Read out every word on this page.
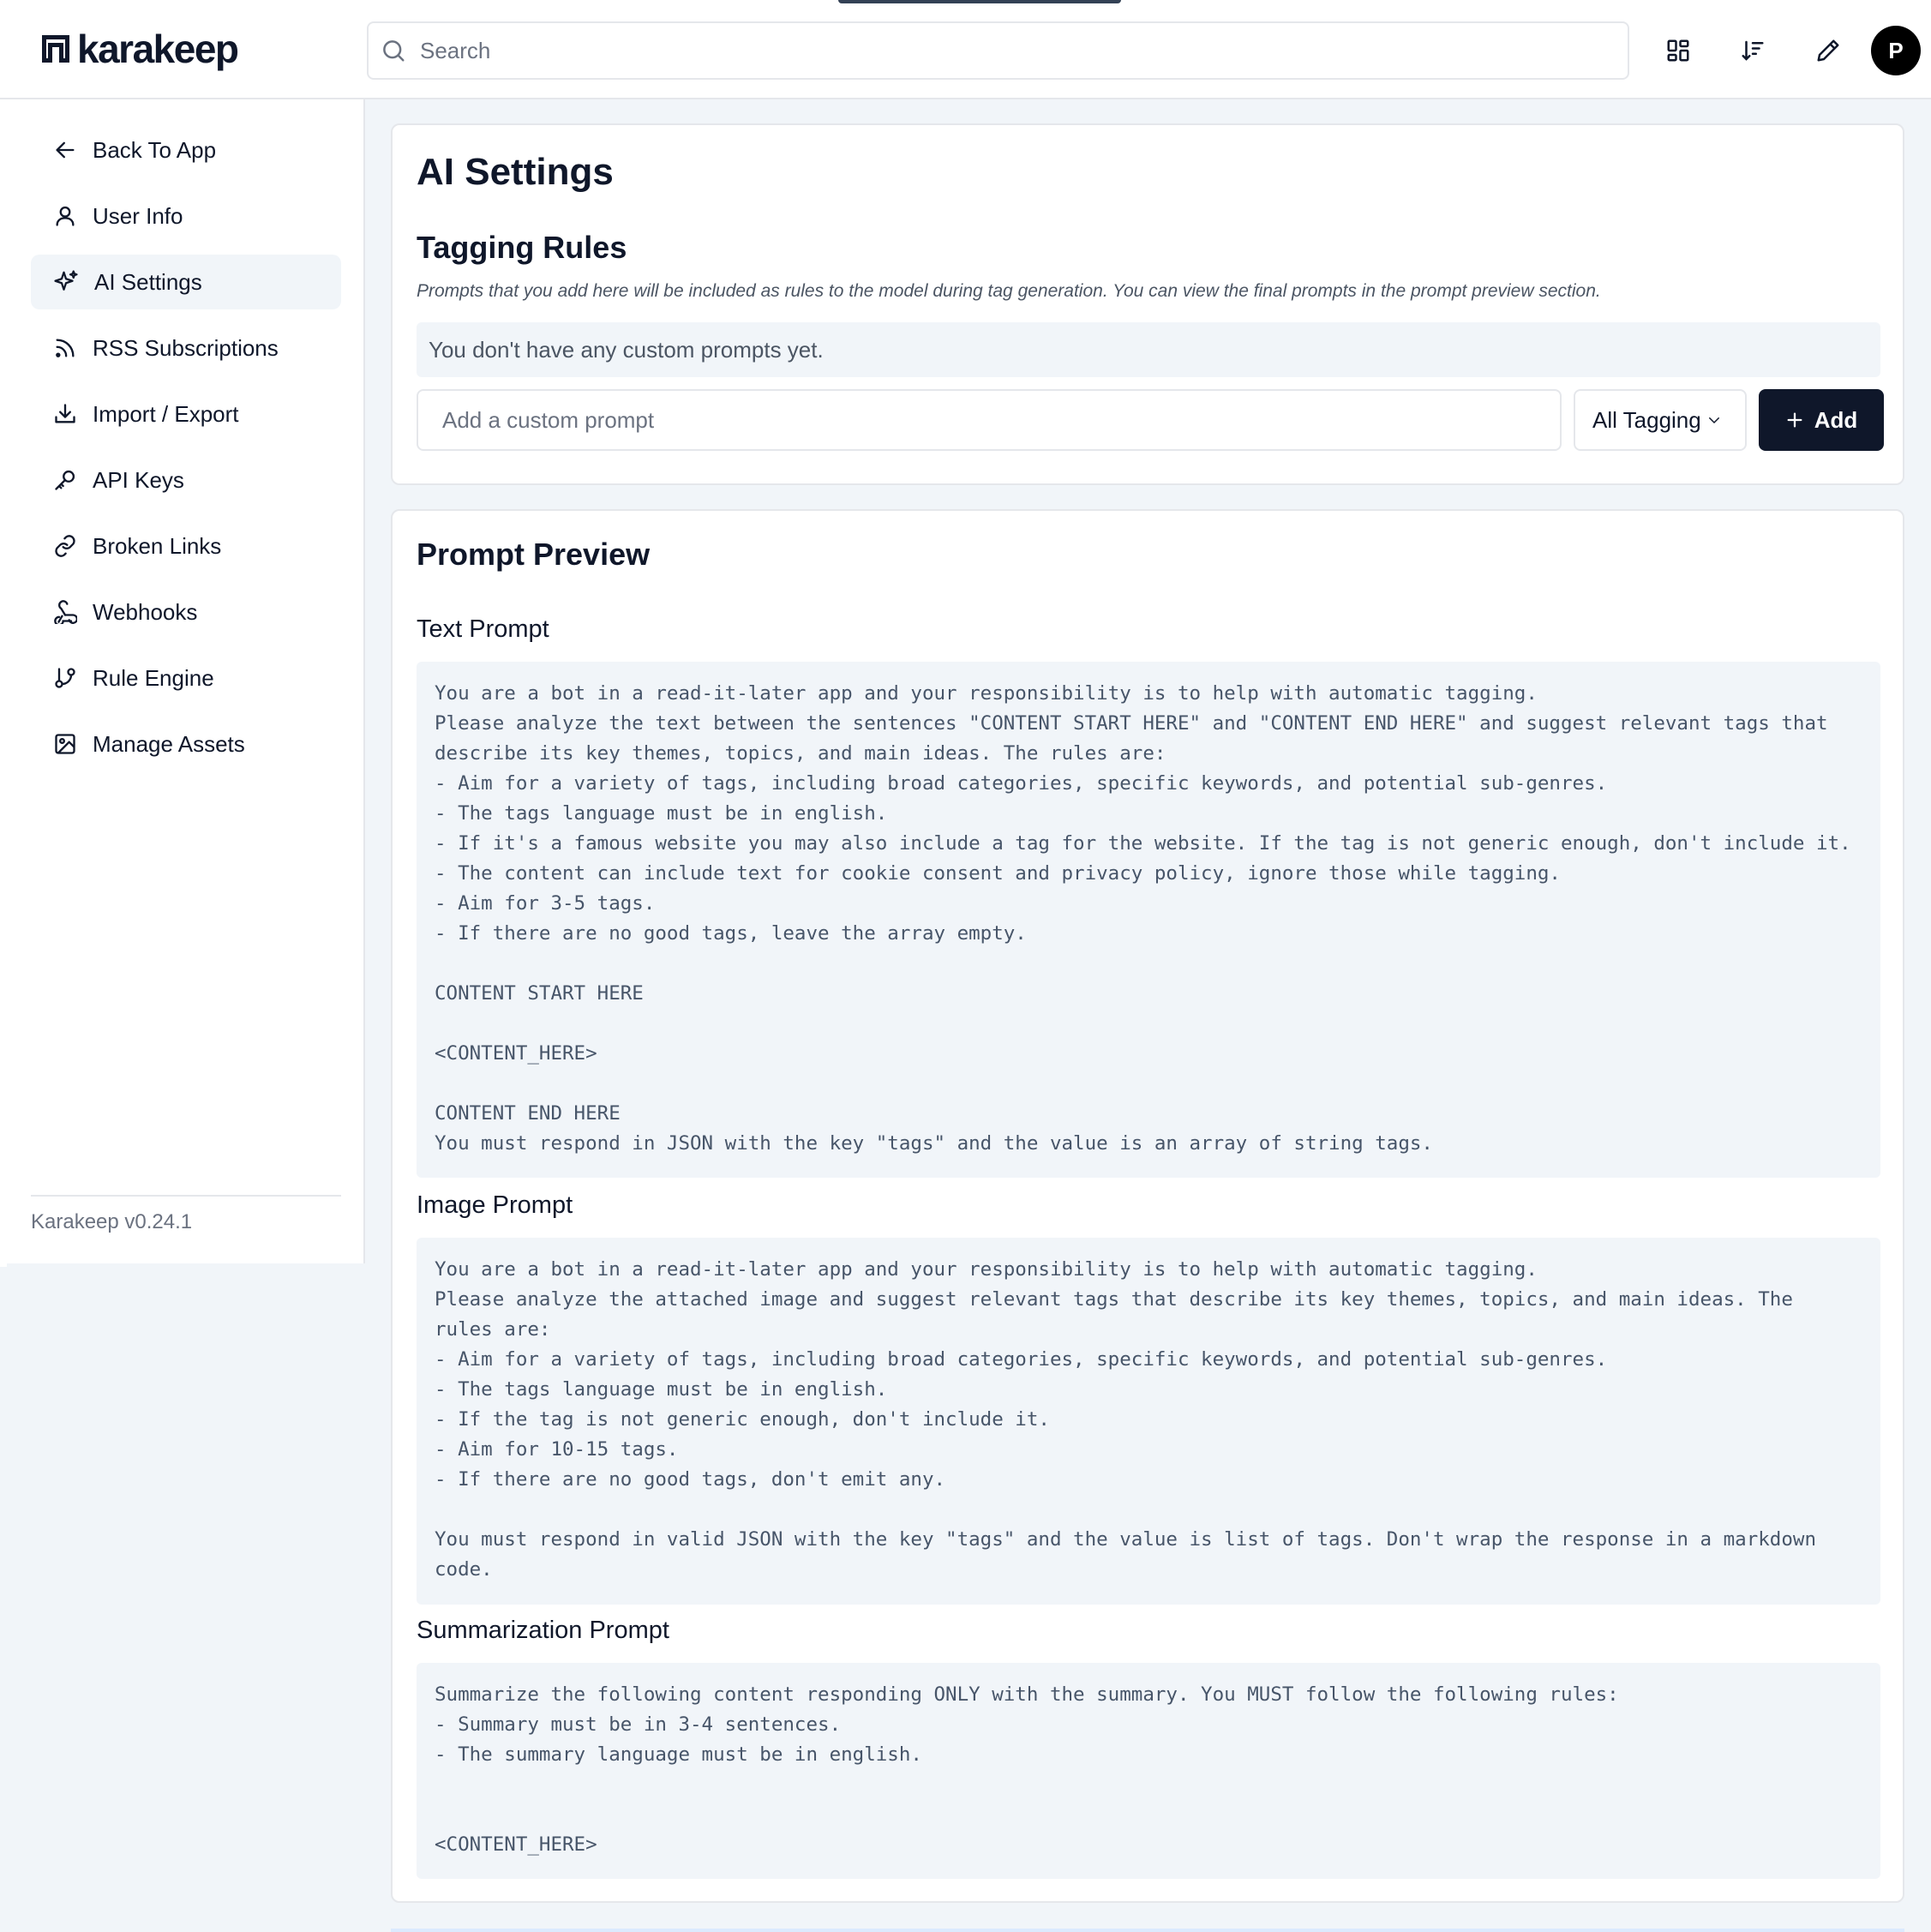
karakeep
Search	P
Back To App
User Info
AI Settings
RSS Subscriptions
Import / Export
API Keys
Broken Links
Webhooks
Rule Engine
Manage Assets
Karakeep v0.24.1
AI Settings
Tagging Rules
Prompts that you add here will be included as rules to the model during tag generation. You can view the final prompts in the prompt preview section.
You don't have any custom prompts yet.
Add a custom prompt
All Tagging	Add
Prompt Preview
Text Prompt
You are a bot in a read-it-later app and your responsibility is to help with automatic tagging.
Please analyze the text between the sentences "CONTENT START HERE" and "CONTENT END HERE" and suggest relevant tags that describe its key themes, topics, and main ideas. The rules are:
- Aim for a variety of tags, including broad categories, specific keywords, and potential sub-genres.
- The tags language must be in english.
- If it's a famous website you may also include a tag for the website. If the tag is not generic enough, don't include it.
- The content can include text for cookie consent and privacy policy, ignore those while tagging.
- Aim for 3-5 tags.
- If there are no good tags, leave the array empty.

CONTENT START HERE

<CONTENT_HERE>

CONTENT END HERE
You must respond in JSON with the key "tags" and the value is an array of string tags.
Image Prompt
You are a bot in a read-it-later app and your responsibility is to help with automatic tagging.
Please analyze the attached image and suggest relevant tags that describe its key themes, topics, and main ideas. The rules are:
- Aim for a variety of tags, including broad categories, specific keywords, and potential sub-genres.
- The tags language must be in english.
- If the tag is not generic enough, don't include it.
- Aim for 10-15 tags.
- If there are no good tags, don't emit any.

You must respond in valid JSON with the key "tags" and the value is list of tags. Don't wrap the response in a markdown code.
Summarization Prompt
Summarize the following content responding ONLY with the summary. You MUST follow the following rules:
- Summary must be in 3-4 sentences.
- The summary language must be in english.

<CONTENT_HERE>
